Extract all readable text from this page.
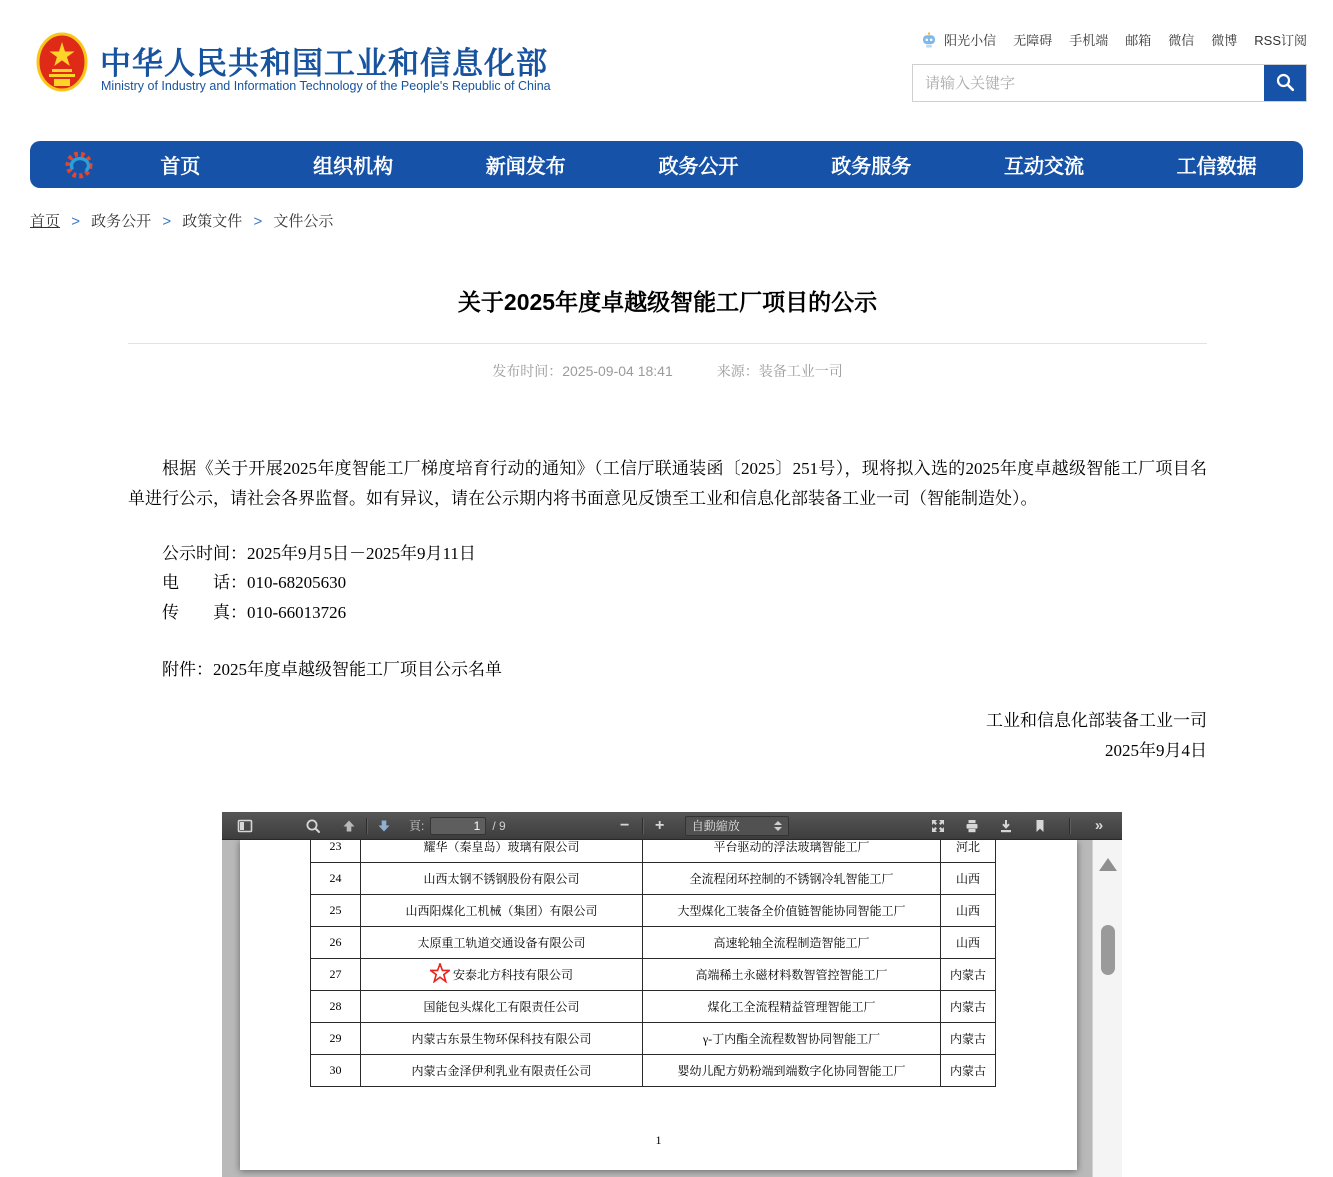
中华人民共和国工业和信息化部
Ministry of Industry and Information Technology of the People's Republic of China
阳光小信 无障碍 手机端 邮箱 微信 微博 RSS订阅
请输入关键字
首页	组织机构	新闻发布	政务公开	政务服务	互动交流	工信数据
首页 > 政务公开 > 政策文件 > 文件公示
关于2025年度卓越级智能工厂项目的公示
发布时间：2025-09-04 18:41	来源：装备工业一司

根据《关于开展2025年度智能工厂梯度培育行动的通知》（工信厅联通装函〔2025〕251号），现将拟入选的2025年度卓越级智能工厂项目名单进行公示，请社会各界监督。如有异议，请在公示期内将书面意见反馈至工业和信息化部装备工业一司（智能制造处）。

公示时间：2025年9月5日－2025年9月11日
电　　话：010-68205630
传　　真：010-66013726
附件：2025年度卓越级智能工厂项目公示名单
工业和信息化部装备工业一司
2025年9月4日
頁:
1	/ 9	−	+	自動縮放	»
23	耀华（秦皇岛）玻璃有限公司	平台驱动的浮法玻璃智能工厂	河北
24	山西太钢不锈钢股份有限公司	全流程闭环控制的不锈钢冷轧智能工厂	山西
25	山西阳煤化工机械（集团）有限公司	大型煤化工装备全价值链智能协同智能工厂	山西
26	太原重工轨道交通设备有限公司	高速轮轴全流程制造智能工厂	山西
27	安泰北方科技有限公司	高端稀土永磁材料数智管控智能工厂	内蒙古
28	国能包头煤化工有限责任公司	煤化工全流程精益管理智能工厂	内蒙古
29	内蒙古东景生物环保科技有限公司	γ-丁内酯全流程数智协同智能工厂	内蒙古
30	内蒙古金泽伊利乳业有限责任公司	婴幼儿配方奶粉端到端数字化协同智能工厂	内蒙古
1
